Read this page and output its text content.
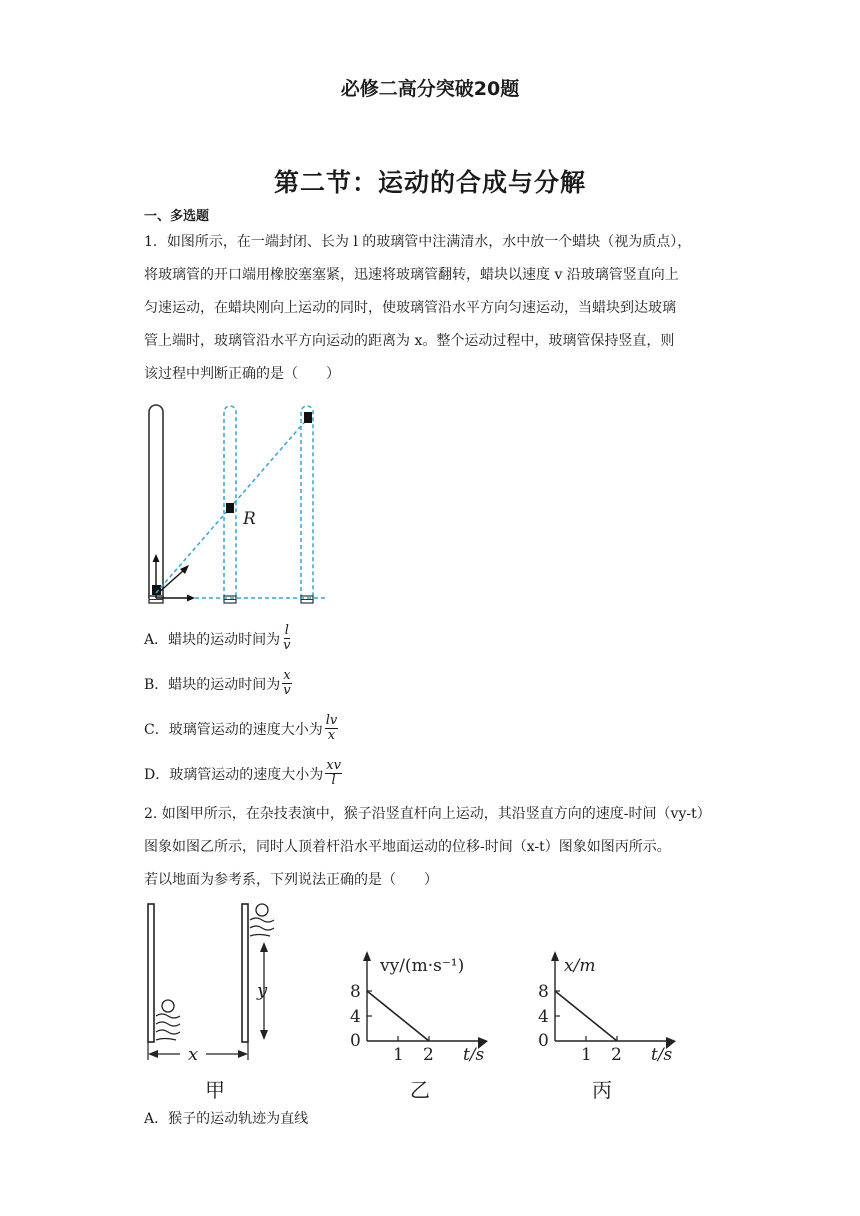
必修二高分突破20题
第二节：运动的合成与分解
一、多选题

1．如图所示，在一端封闭、长为 l 的玻璃管中注满清水，水中放一个蜡块（视为质点），

将玻璃管的开口端用橡胶塞塞紧，迅速将玻璃管翻转，蜡块以速度 v 沿玻璃管竖直向上

匀速运动，在蜡块刚向上运动的同时，使玻璃管沿水平方向匀速运动，当蜡块到达玻璃

管上端时，玻璃管沿水平方向运动的距离为 x。整个运动过程中，玻璃管保持竖直，则

该过程中判断正确的是（　　）

R
A．蜡块的运动时间为 $\frac{l}{v}$
B．蜡块的运动时间为 $\frac{x}{v}$
C．玻璃管运动的速度大小为 $\frac{lv}{x}$
D．玻璃管运动的速度大小为 $\frac{xv}{l}$

2. 如图甲所示，在杂技表演中，猴子沿竖直杆向上运动，其沿竖直方向的速度-时间（vy-t）

图象如图乙所示，同时人顶着杆沿水平地面运动的位移-时间（x-t）图象如图丙所示。

若以地面为参考系，下列说法正确的是（　　）

y
x
甲
vy/(m·s⁻¹)
8
4
0
1 2 t/s
乙
x/m
8
4
0
1 2 t/s
丙
A．猴子的运动轨迹为直线
